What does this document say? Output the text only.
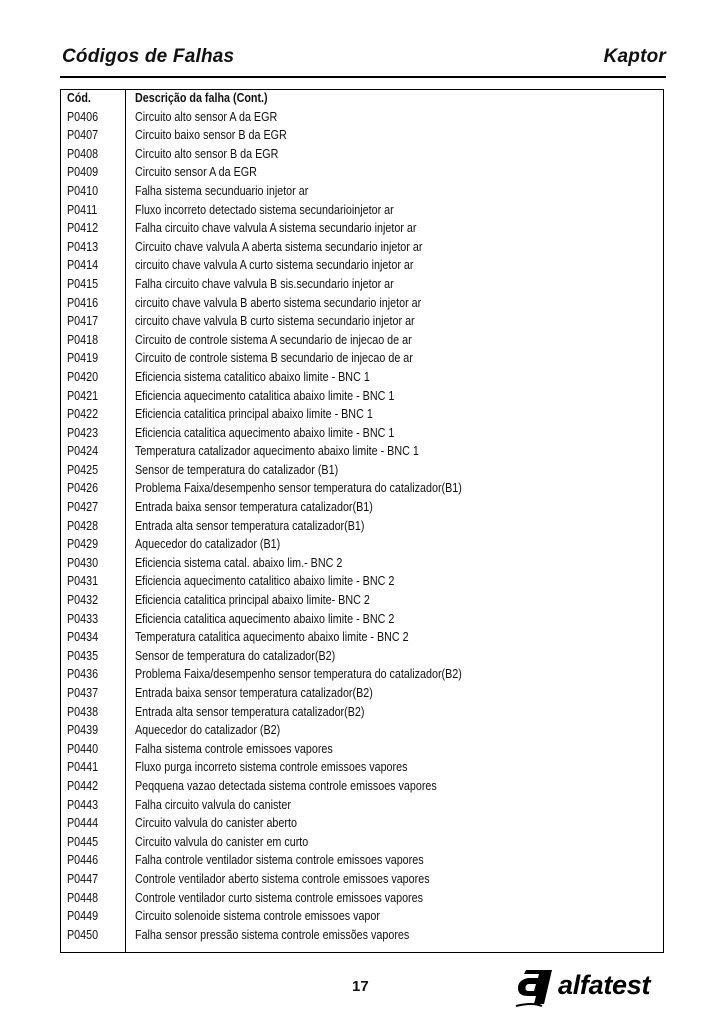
Códigos de Falhas	Kaptor
Cód.	Descrição da falha (Cont.)
P0406	Circuito alto sensor A da EGR
P0407	Circuito baixo sensor B da EGR
P0408	Circuito alto sensor B da EGR
P0409	Circuito sensor A da EGR
P0410	Falha sistema secunduario injetor ar
P0411	Fluxo incorreto detectado sistema secundarioinjetor ar
P0412	Falha circuito chave valvula A sistema secundario injetor ar
P0413	Circuito chave valvula A aberta sistema secundario injetor ar
P0414	circuito chave valvula A curto sistema secundario injetor ar
P0415	Falha circuito chave valvula B sis.secundario injetor ar
P0416	circuito chave valvula B aberto sistema secundario injetor ar
P0417	circuito chave valvula B curto sistema secundario injetor ar
P0418	Circuito de controle sistema A secundario de injecao de ar
P0419	Circuito de controle sistema B secundario de injecao de ar
P0420	Eficiencia sistema catalitico abaixo limite - BNC 1
P0421	Eficiencia aquecimento catalitica abaixo limite - BNC 1
P0422	Eficiencia catalitica principal abaixo limite - BNC 1
P0423	Eficiencia catalitica aquecimento abaixo limite - BNC 1
P0424	Temperatura catalizador aquecimento abaixo limite - BNC 1
P0425	Sensor de temperatura do catalizador (B1)
P0426	Problema Faixa/desempenho sensor temperatura do catalizador(B1)
P0427	Entrada baixa sensor temperatura catalizador(B1)
P0428	Entrada alta sensor temperatura catalizador(B1)
P0429	Aquecedor do catalizador (B1)
P0430	Eficiencia sistema catal. abaixo lim.- BNC 2
P0431	Eficiencia aquecimento catalitico abaixo limite - BNC 2
P0432	Eficiencia catalitica principal abaixo limite- BNC 2
P0433	Eficiencia catalitica aquecimento abaixo limite - BNC 2
P0434	Temperatura catalitica aquecimento abaixo limite - BNC 2
P0435	Sensor de temperatura do catalizador(B2)
P0436	Problema Faixa/desempenho sensor temperatura do catalizador(B2)
P0437	Entrada baixa sensor temperatura catalizador(B2)
P0438	Entrada alta sensor temperatura catalizador(B2)
P0439	Aquecedor do catalizador (B2)
P0440	Falha sistema controle emissoes vapores
P0441	Fluxo purga incorreto sistema controle emissoes vapores
P0442	Peqquena vazao detectada sistema controle emissoes vapores
P0443	Falha circuito valvula do canister
P0444	Circuito valvula do canister aberto
P0445	Circuito valvula do canister em curto
P0446	Falha controle ventilador sistema controle emissoes vapores
P0447	Controle ventilador aberto sistema controle emissoes vapores
P0448	Controle ventilador curto sistema controle emissoes vapores
P0449	Circuito solenoide sistema controle emissoes vapor
P0450	Falha sensor pressão sistema controle emissões vapores
17	alfatest
